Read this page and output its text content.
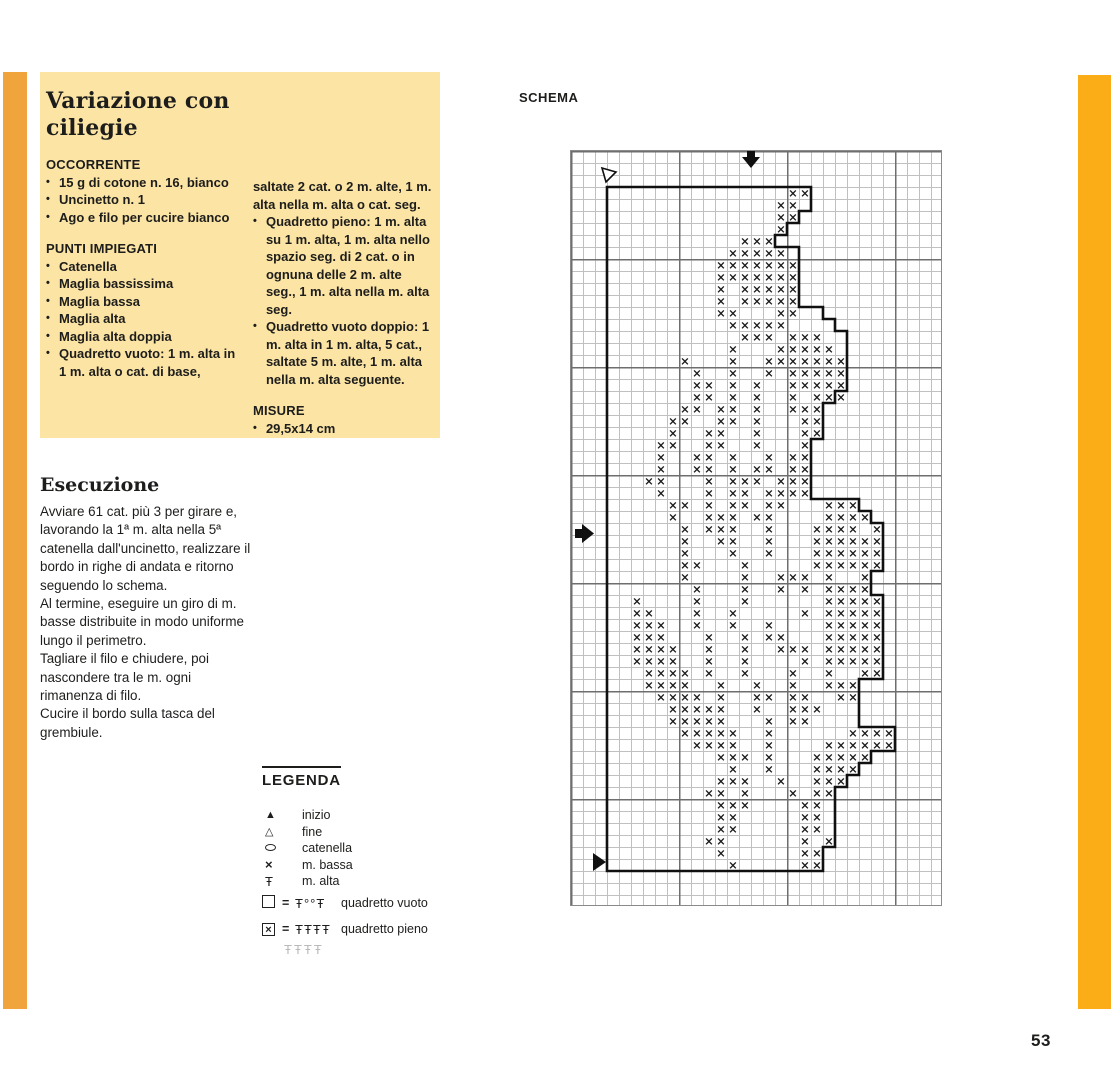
Variazione con ciliegie
OCCORRENTE
• 15 g di cotone n. 16, bianco
• Uncinetto n. 1
• Ago e filo per cucire bianco
PUNTI IMPIEGATI
• Catenella
• Maglia bassissima
• Maglia bassa
• Maglia alta
• Maglia alta doppia
• Quadretto vuoto: 1 m. alta in 1 m. alta o cat. di base,
saltate 2 cat. o 2 m. alte, 1 m. alta nella m. alta o cat. seg.
• Quadretto pieno: 1 m. alta su 1 m. alta, 1 m. alta nello spazio seg. di 2 cat. o in ognuna delle 2 m. alte seg., 1 m. alta nella m. alta seg.
• Quadretto vuoto doppio: 1 m. alta in 1 m. alta, 5 cat., saltate 5 m. alte, 1 m. alta nella m. alta seguente.
MISURE
• 29,5x14 cm
Esecuzione

Avviare 61 cat. più 3 per girare e, lavorando la 1ª m. alta nella 5ª catenella dall'uncinetto, realizzare il bordo in righe di andata e ritorno seguendo lo schema.

Al termine, eseguire un giro di m. basse distribuite in modo uniforme lungo il perimetro.

Tagliare il filo e chiudere, poi nascondere tra le m. ogni rimanenza di filo.

Cucire il bordo sulla tasca del grembiule.

LEGENDA
▲	inizio
△	fine
catenella
×	m. bassa
Ŧ	m. alta
= Ŧ°°Ŧ	quadretto vuoto
× = ŦŦŦŦ quadretto pieno
ŦŦŦŦ
SCHEMA
× ×
× ×
× ×
×
× × ×
× × × × ×
× × × × × × ×
× × × × × × ×
× × × × × ×
× × × × × ×
× ×	× ×
× × × × ×
× × × × × ×
×	× × × × ×
×	× × × × × × × ×
× × × × × × × ×
× × × × × × × × ×
× × × × × × × ×
× × × × × × × ×
× × × × ×	× ×
× × × ×	× ×
× × × × ×	×
× × × × × × ×
× × × × × × × ×
× ×	× × × × × × ×
×	× × × × × × ×
× × × × × × ×	× × ×
× × × × × ×	× × × ×
× × × × ×	× × × × ×
× × × ×	× × × × × ×
×	× ×	× × × × × ×
× ×	×	× × × × × ×
×	× × × × × ×
×	× × × × × × ×
×	×	×	× × × × ×
× ×	× ×	× × × × × ×
× × × × × ×	× × × × ×
× × ×	× × × ×	× × × × ×
× × × × × × × × × × × × × ×
× × × × × ×	× × × × × ×
× × × × × ×	× × × ×
× × × × × × × × × ×
× × × × × × × × × × ×
× × × × × × × × ×
× × × × ×	× × ×
× × × × × ×	× × × ×
× × × × ×	× × × × × ×
× × × ×	× × × × ×
× ×	× × × ×
× × × × × × ×
× × ×	× × ×
× × ×	× ×
× ×	× ×
× ×	× ×
× ×	× ×
×	× ×
×	× ×
53
